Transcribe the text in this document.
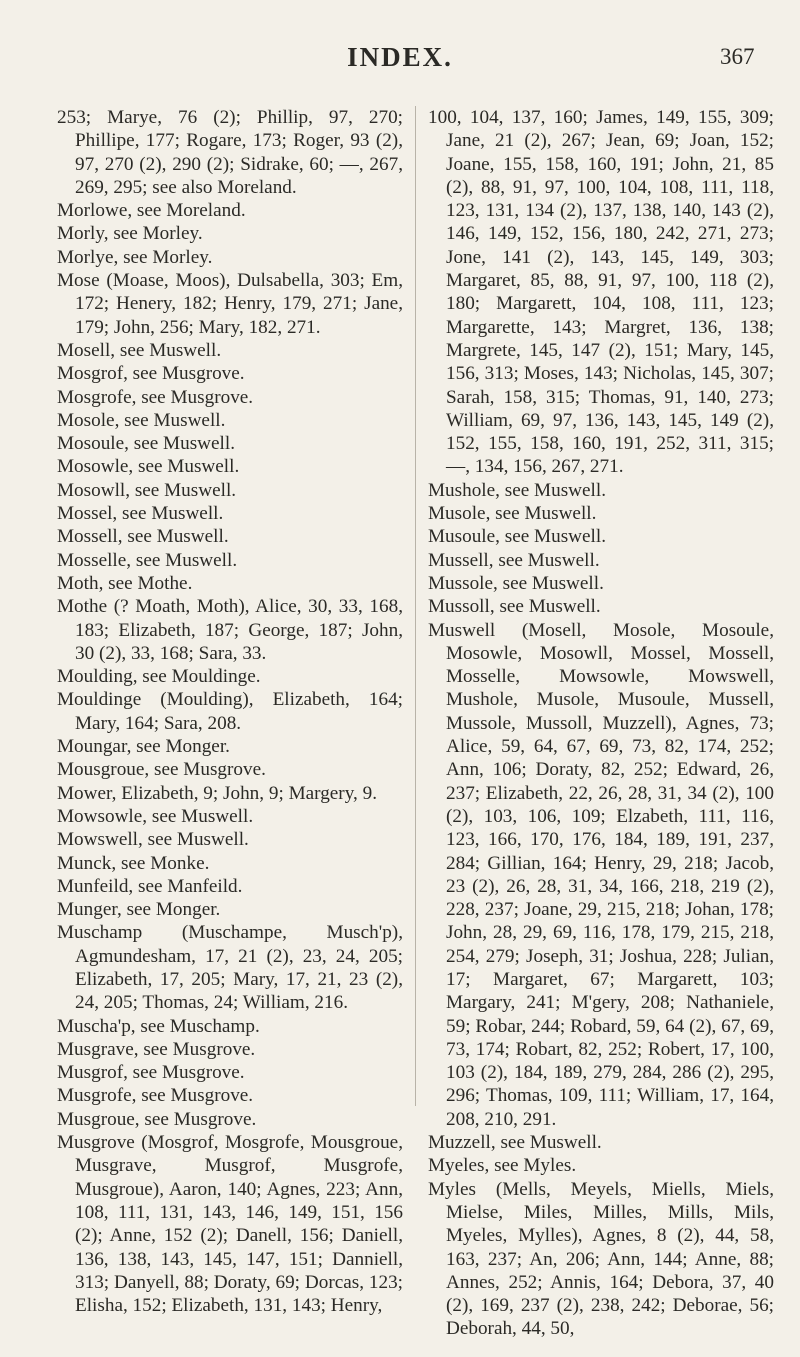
INDEX.	367

253; Marye, 76 (2); Phillip, 97, 270; Phillipe, 177; Rogare, 173; Roger, 93 (2), 97, 270 (2), 290 (2); Sidrake, 60; —, 267, 269, 295; see also Moreland.

Morlowe, see Moreland.

Morly, see Morley.

Morlye, see Morley.

Mose (Moase, Moos), Dulsabella, 303; Em, 172; Henery, 182; Henry, 179, 271; Jane, 179; John, 256; Mary, 182, 271.

Mosell, see Muswell.

Mosgrof, see Musgrove.

Mosgrofe, see Musgrove.

Mosole, see Muswell.

Mosoule, see Muswell.

Mosowle, see Muswell.

Mosowll, see Muswell.

Mossel, see Muswell.

Mossell, see Muswell.

Mosselle, see Muswell.

Moth, see Mothe.

Mothe (? Moath, Moth), Alice, 30, 33, 168, 183; Elizabeth, 187; George, 187; John, 30 (2), 33, 168; Sara, 33.

Moulding, see Mouldinge.

Mouldinge (Moulding), Elizabeth, 164; Mary, 164; Sara, 208.

Moungar, see Monger.

Mousgroue, see Musgrove.

Mower, Elizabeth, 9; John, 9; Margery, 9.

Mowsowle, see Muswell.

Mowswell, see Muswell.

Munck, see Monke.

Munfeild, see Manfeild.

Munger, see Monger.

Muschamp (Muschampe, Musch'p), Agmundesham, 17, 21 (2), 23, 24, 205; Elizabeth, 17, 205; Mary, 17, 21, 23 (2), 24, 205; Thomas, 24; William, 216.

Muscha'p, see Muschamp.

Musgrave, see Musgrove.

Musgrof, see Musgrove.

Musgrofe, see Musgrove.

Musgroue, see Musgrove.

Musgrove (Mosgrof, Mosgrofe, Mousgroue, Musgrave, Musgrof, Musgrofe, Musgroue), Aaron, 140; Agnes, 223; Ann, 108, 111, 131, 143, 146, 149, 151, 156 (2); Anne, 152 (2); Danell, 156; Daniell, 136, 138, 143, 145, 147, 151; Danniell, 313; Danyell, 88; Doraty, 69; Dorcas, 123; Elisha, 152; Elizabeth, 131, 143; Henry,

100, 104, 137, 160; James, 149, 155, 309; Jane, 21 (2), 267; Jean, 69; Joan, 152; Joane, 155, 158, 160, 191; John, 21, 85 (2), 88, 91, 97, 100, 104, 108, 111, 118, 123, 131, 134 (2), 137, 138, 140, 143 (2), 146, 149, 152, 156, 180, 242, 271, 273; Jone, 141 (2), 143, 145, 149, 303; Margaret, 85, 88, 91, 97, 100, 118 (2), 180; Margarett, 104, 108, 111, 123; Margarette, 143; Margret, 136, 138; Margrete, 145, 147 (2), 151; Mary, 145, 156, 313; Moses, 143; Nicholas, 145, 307; Sarah, 158, 315; Thomas, 91, 140, 273; William, 69, 97, 136, 143, 145, 149 (2), 152, 155, 158, 160, 191, 252, 311, 315; —, 134, 156, 267, 271.

Mushole, see Muswell.

Musole, see Muswell.

Musoule, see Muswell.

Mussell, see Muswell.

Mussole, see Muswell.

Mussoll, see Muswell.

Muswell (Mosell, Mosole, Mosoule, Mosowle, Mosowll, Mossel, Mossell, Mosselle, Mowsowle, Mowswell, Mushole, Musole, Musoule, Mussell, Mussole, Mussoll, Muzzell), Agnes, 73; Alice, 59, 64, 67, 69, 73, 82, 174, 252; Ann, 106; Doraty, 82, 252; Edward, 26, 237; Elizabeth, 22, 26, 28, 31, 34 (2), 100 (2), 103, 106, 109; Elzabeth, 111, 116, 123, 166, 170, 176, 184, 189, 191, 237, 284; Gillian, 164; Henry, 29, 218; Jacob, 23 (2), 26, 28, 31, 34, 166, 218, 219 (2), 228, 237; Joane, 29, 215, 218; Johan, 178; John, 28, 29, 69, 116, 178, 179, 215, 218, 254, 279; Joseph, 31; Joshua, 228; Julian, 17; Margaret, 67; Margarett, 103; Margary, 241; M'gery, 208; Nathaniele, 59; Robar, 244; Robard, 59, 64 (2), 67, 69, 73, 174; Robart, 82, 252; Robert, 17, 100, 103 (2), 184, 189, 279, 284, 286 (2), 295, 296; Thomas, 109, 111; William, 17, 164, 208, 210, 291.

Muzzell, see Muswell.

Myeles, see Myles.

Myles (Mells, Meyels, Miells, Miels, Mielse, Miles, Milles, Mills, Mils, Myeles, Mylles), Agnes, 8 (2), 44, 58, 163, 237; An, 206; Ann, 144; Anne, 88; Annes, 252; Annis, 164; Debora, 37, 40 (2), 169, 237 (2), 238, 242; Deborae, 56; Deborah, 44, 50,
